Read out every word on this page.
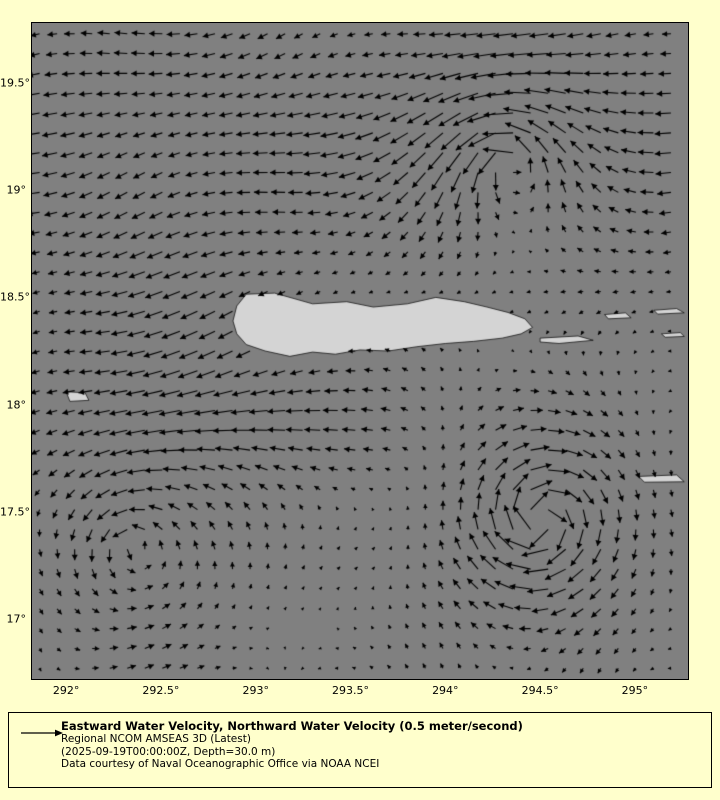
292°	292.5°	293°	293.5°	294°	294.5°	295°
17°
17.5°
18°
18.5°
19°
19.5°
Eastward Water Velocity, Northward Water Velocity (0.5 meter/second)
Regional NCOM AMSEAS 3D (Latest)
(2025-09-19T00:00:00Z, Depth=30.0 m)
Data courtesy of Naval Oceanographic Office via NOAA NCEI
